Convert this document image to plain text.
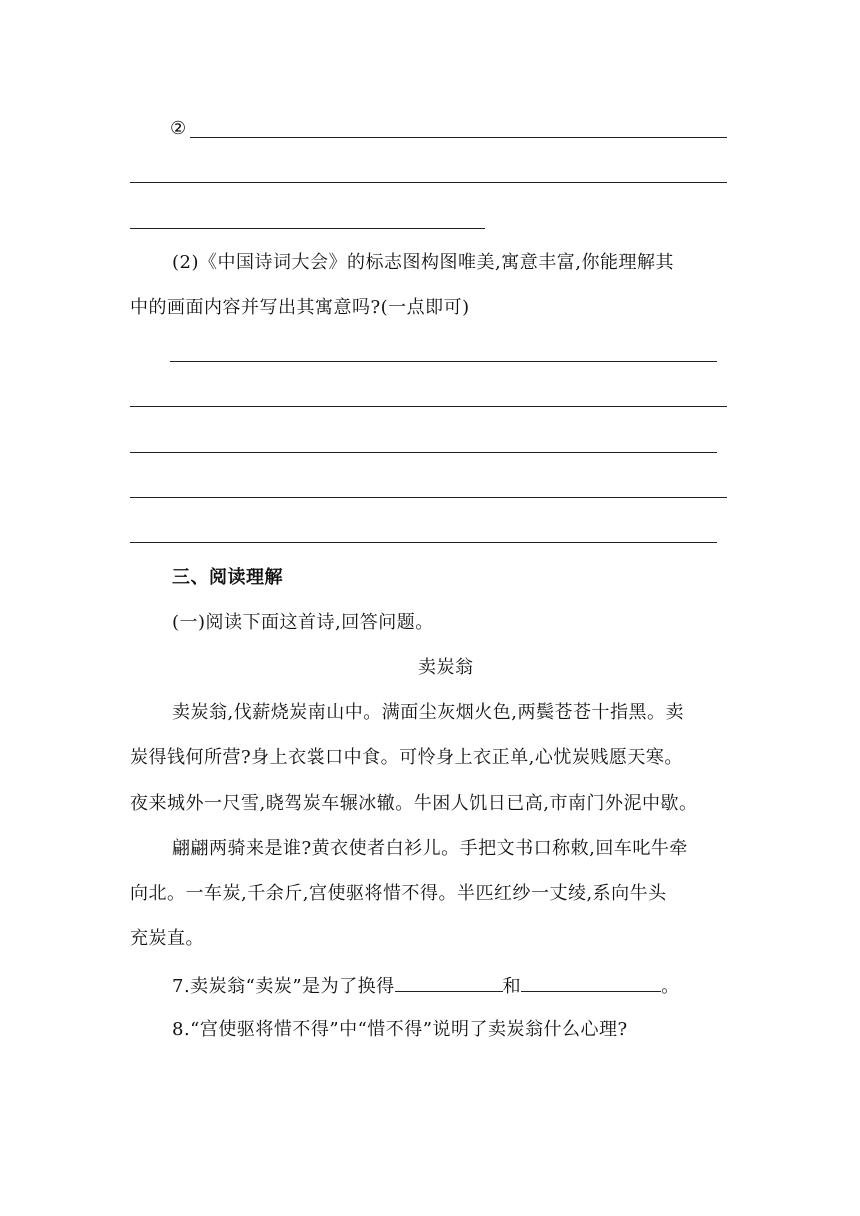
②
(2)《中国诗词大会》的标志图构图唯美,寓意丰富,你能理解其
中的画面内容并写出其寓意吗?(一点即可)
三、阅读理解
(一)阅读下面这首诗,回答问题。
卖炭翁
卖炭翁,伐薪烧炭南山中。满面尘灰烟火色,两鬓苍苍十指黑。卖
炭得钱何所营?身上衣裳口中食。可怜身上衣正单,心忧炭贱愿天寒。
夜来城外一尺雪,晓驾炭车辗冰辙。牛困人饥日已高,市南门外泥中歇。
翩翩两骑来是谁?黄衣使者白衫儿。手把文书口称敕,回车叱牛牵
向北。一车炭,千余斤,宫使驱将惜不得。半匹红纱一丈绫,系向牛头
充炭直。
7.卖炭翁“卖炭”是为了换得	和	。
8.“宫使驱将惜不得”中“惜不得”说明了卖炭翁什么心理?
